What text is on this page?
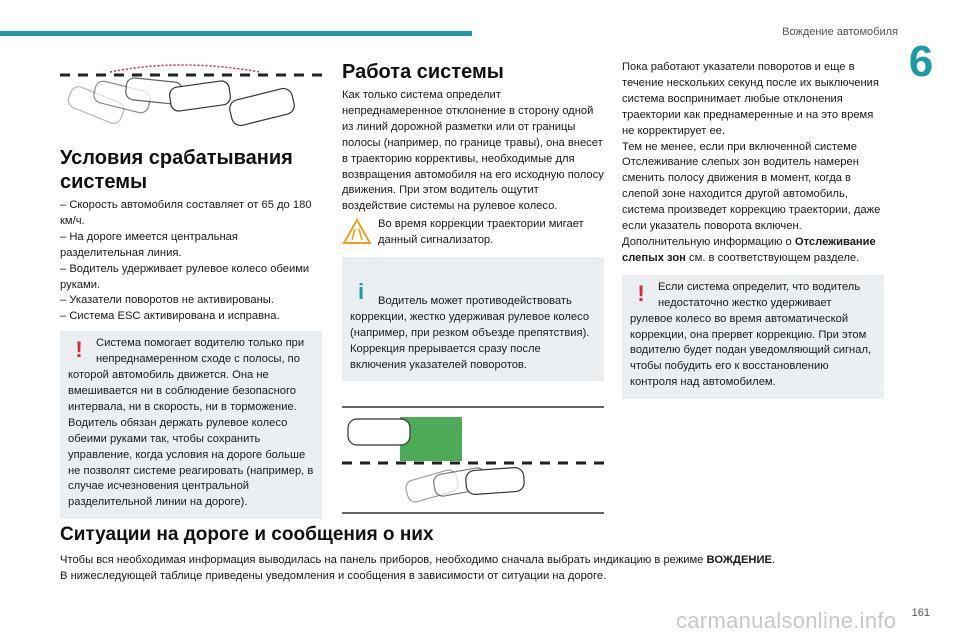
Вождение автомобиля
6
Условия срабатывания системы
– Скорость автомобиля составляет от 65 до 180 км/ч.
– На дороге имеется центральная разделительная линия.
– Водитель удерживает рулевое колесо обеими руками.
– Указатели поворотов не активированы.
– Система ESC активирована и исправна.
!	Система помогает водителю только при непреднамеренном сходе с полосы, по которой автомобиль движется. Она не вмешивается ни в соблюдение безопасного интервала, ни в скорость, ни в торможение. Водитель обязан держать рулевое колесо обеими руками так, чтобы сохранить управление, когда условия на дороге больше не позволят системе реагировать (например, в случае исчезновения центральной разделительной линии на дороге).
Работа системы

Как только система определит непреднамеренное отклонение в сторону одной из линий дорожной разметки или от границы полосы (например, по границе травы), она внесет в траекторию коррективы, необходимые для возвращения автомобиля на его исходную полосу движения. При этом водитель ощутит воздействие системы на рулевое колесо.

Во время коррекции траектории мигает данный сигнализатор.

i	Водитель может противодействовать коррекции, жестко удерживая рулевое колесо (например, при резком объезде препятствия).
Коррекция прерывается сразу после включения указателей поворотов.

Пока работают указатели поворотов и еще в течение нескольких секунд после их выключения система воспринимает любые отклонения траектории как преднамеренные и на это время не корректирует ее.

Тем не менее, если при включенной системе Отслеживание слепых зон водитель намерен сменить полосу движения в момент, когда в слепой зоне находится другой автомобиль, система произведет коррекцию траектории, даже если указатель поворота включен.

Дополнительную информацию о Отслеживание слепых зон см. в соответствующем разделе.

!	Если система определит, что водитель недостаточно жестко удерживает рулевое колесо во время автоматической коррекции, она прервет коррекцию. При этом водителю будет подан уведомляющий сигнал, чтобы побудить его к восстановлению контроля над автомобилем.
Ситуации на дороге и сообщения о них

Чтобы вся необходимая информация выводилась на панель приборов, необходимо сначала выбрать индикацию в режиме ВОЖДЕНИЕ.

В нижеследующей таблице приведены уведомления и сообщения в зависимости от ситуации на дороге.

carmanualsonline.info 161
